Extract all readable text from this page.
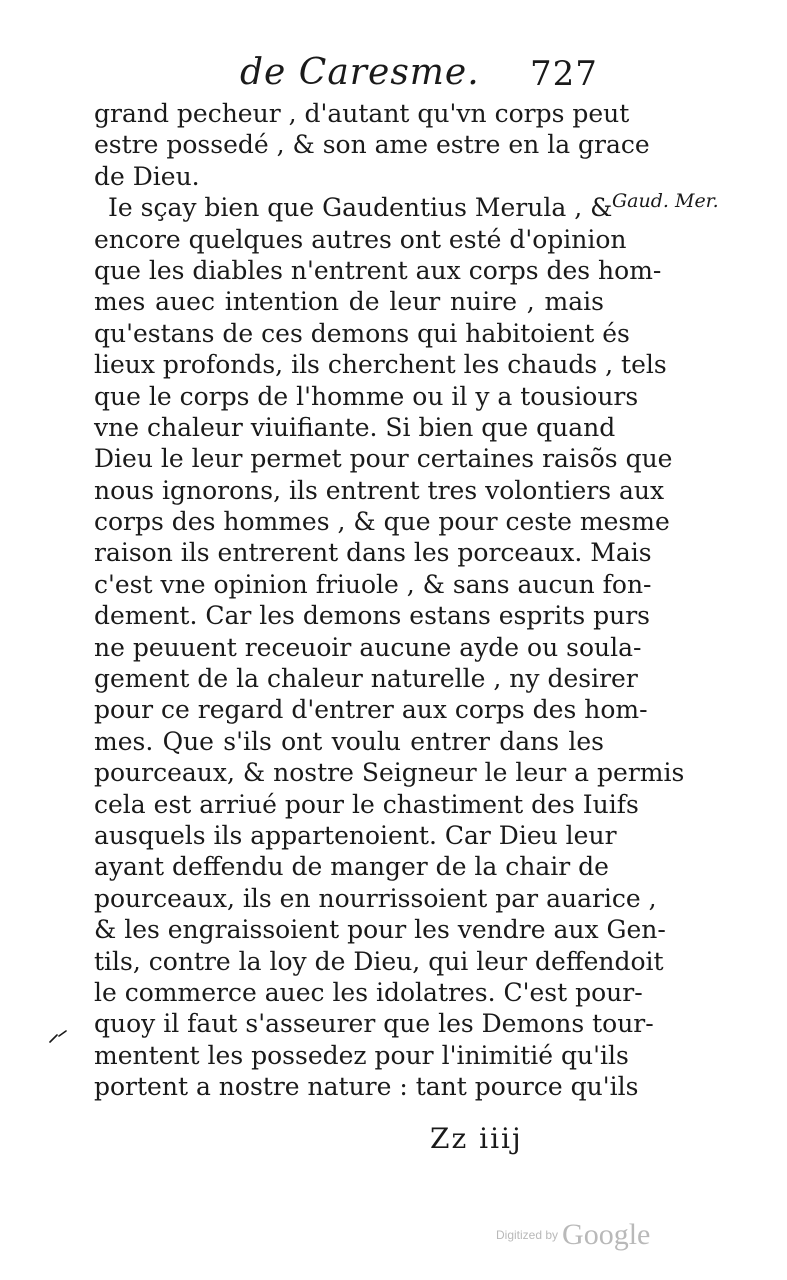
de Caresme. 727
Gaud. Mer.
grand pecheur , d'autant qu'vn corps peut
estre possedé , & son ame estre en la grace
de Dieu.
Ie sçay bien que Gaudentius Merula , &
encore quelques autres ont esté d'opinion
que les diables n'entrent aux corps des hom-
mes auec intention de leur nuire , mais
qu'estans de ces demons qui habitoient és
lieux profonds, ils cherchent les chauds , tels
que le corps de l'homme ou il y a tousiours
vne chaleur viuifiante. Si bien que quand
Dieu le leur permet pour certaines raisõs que
nous ignorons, ils entrent tres volontiers aux
corps des hommes , & que pour ceste mesme
raison ils entrerent dans les porceaux. Mais
c'est vne opinion friuole , & sans aucun fon-
dement. Car les demons estans esprits purs
ne peuuent receuoir aucune ayde ou soula-
gement de la chaleur naturelle , ny desirer
pour ce regard d'entrer aux corps des hom-
mes. Que s'ils ont voulu entrer dans les
pourceaux, & nostre Seigneur le leur a permis
cela est arriué pour le chastiment des Iuifs
ausquels ils appartenoient. Car Dieu leur
ayant deffendu de manger de la chair de
pourceaux, ils en nourrissoient par auarice ,
& les engraissoient pour les vendre aux Gen-
tils, contre la loy de Dieu, qui leur deffendoit
le commerce auec les idolatres. C'est pour-
quoy il faut s'asseurer que les Demons tour-
mentent les possedez pour l'inimitié qu'ils
portent a nostre nature : tant pource qu'ils
Zz iiij
Digitized by Google
